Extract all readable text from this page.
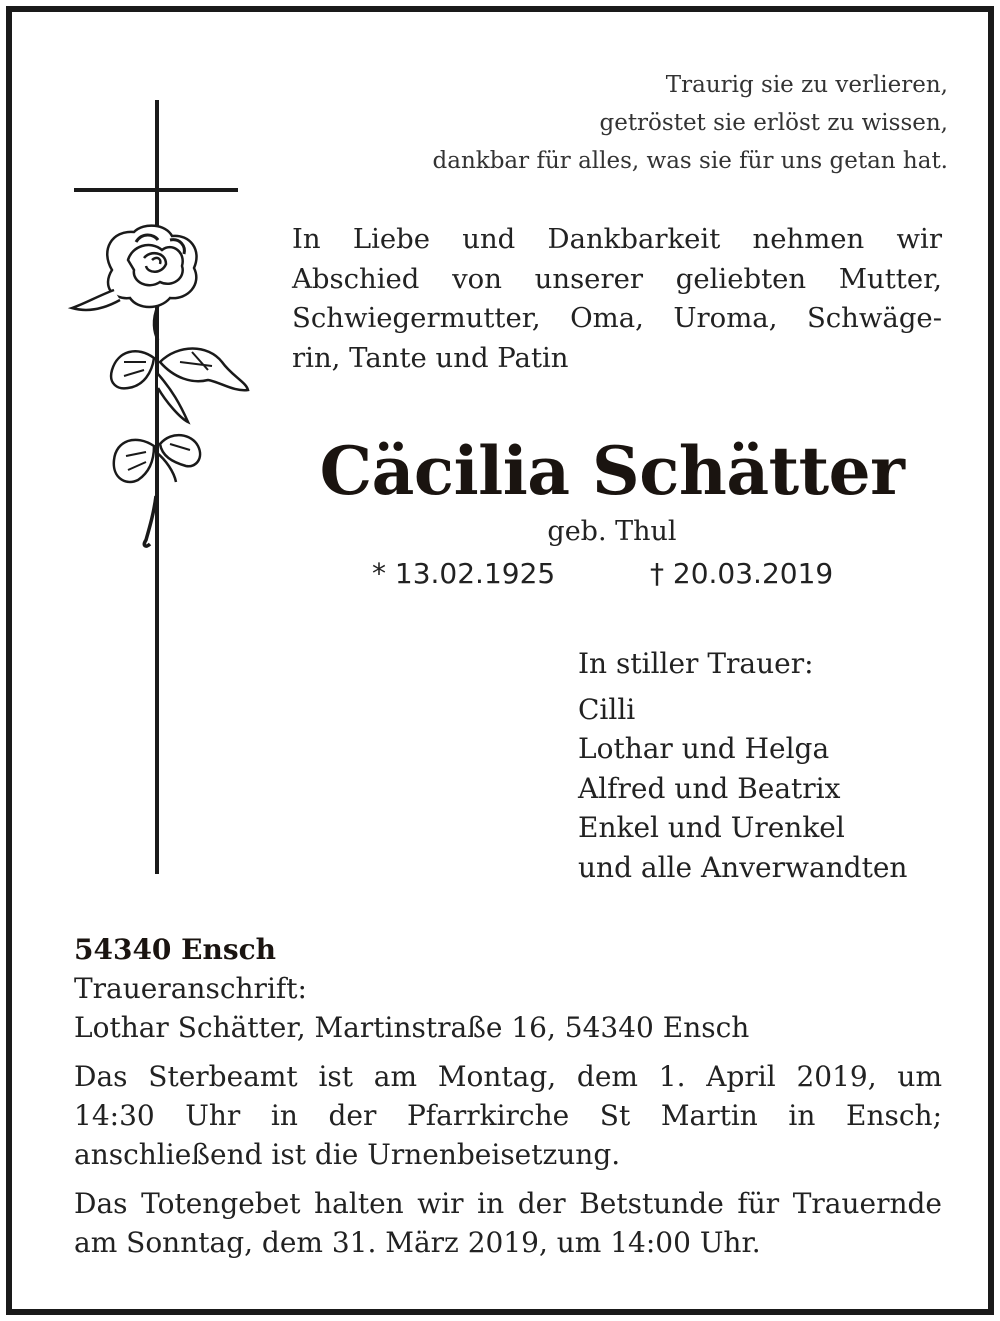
Traurig sie zu verlieren,
getröstet sie erlöst zu wissen,
dankbar für alles, was sie für uns getan hat.
In Liebe und Dankbarkeit nehmen wir
Abschied von unserer geliebten Mutter,
Schwiegermutter, Oma, Uroma, Schwäge-
rin, Tante und Patin
Cäcilia Schätter
geb. Thul
* 13.02.1925	† 20.03.2019
In stiller Trauer:
Cilli
Lothar und Helga
Alfred und Beatrix
Enkel und Urenkel
und alle Anverwandten
54340 Ensch
Traueranschrift:
Lothar Schätter, Martinstraße 16, 54340 Ensch
Das Sterbeamt ist am Montag, dem 1. April 2019, um
14:30 Uhr in der Pfarrkirche St Martin in Ensch;
anschließend ist die Urnenbeisetzung.
Das Totengebet halten wir in der Betstunde für Trauernde
am Sonntag, dem 31. März 2019, um 14:00 Uhr.
